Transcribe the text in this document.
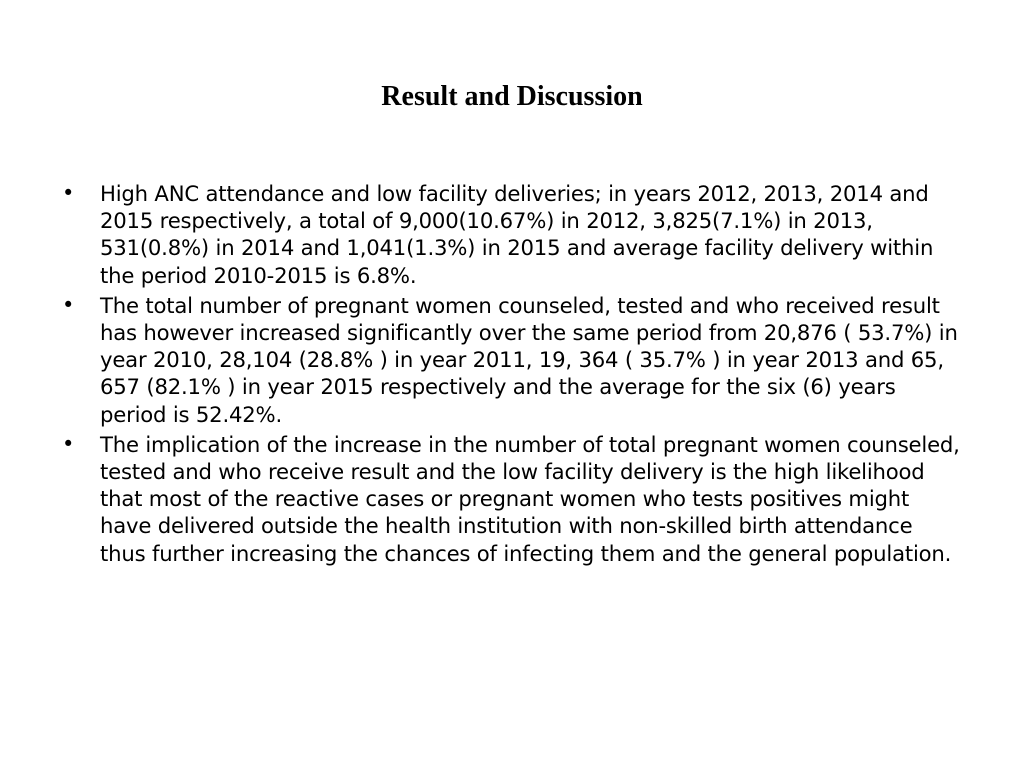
Result and Discussion
•	High ANC attendance and low facility deliveries; in years 2012, 2013, 2014 and 2015 respectively, a total of 9,000(10.67%) in 2012, 3,825(7.1%) in 2013, 531(0.8%) in 2014 and 1,041(1.3%) in 2015 and average facility delivery within the period 2010-2015 is 6.8%.
•	The total number of pregnant women counseled, tested and who received result has however increased significantly over the same period from 20,876 ( 53.7%) in year 2010, 28,104 (28.8% ) in year 2011, 19, 364 ( 35.7% ) in year 2013 and 65, 657 (82.1% ) in year 2015 respectively and the average for the six (6) years period is 52.42%.
•	The implication of the increase in the number of total pregnant women counseled, tested and who receive result and the low facility delivery is the high likelihood that most of the reactive cases or pregnant women who tests positives might have delivered outside the health institution with non-skilled birth attendance thus further increasing the chances of infecting them and the general population.
